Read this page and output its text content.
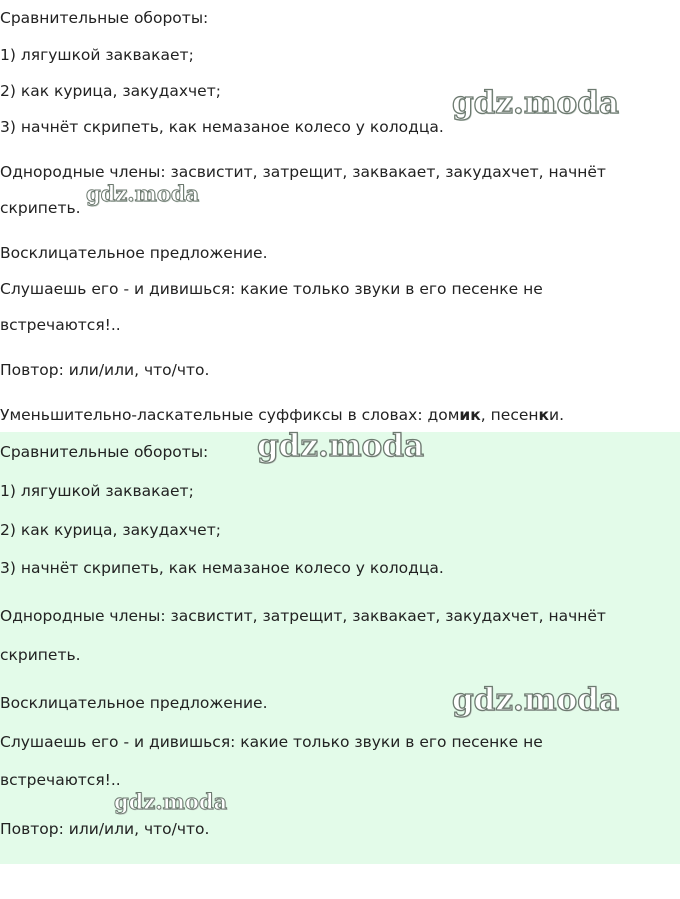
Сравнительные обороты:

1) лягушкой заквакает;

2) как курица, закудахчет;

3) начнёт скрипеть, как немазаное колесо у колодца.

Однородные члены: засвистит, затрещит, заквакает, закудахчет, начнёт

скрипеть.

Восклицательное предложение.

Слушаешь его - и дивишься: какие только звуки в его песенке не

встречаются!..

Повтор: или/или, что/что.

Уменьшительно-ласкательные суффиксы в словах: домик, песенки.

Сравнительные обороты:

1) лягушкой заквакает;

2) как курица, закудахчет;

3) начнёт скрипеть, как немазаное колесо у колодца.

Однородные члены: засвистит, затрещит, заквакает, закудахчет, начнёт

скрипеть.

Восклицательное предложение.

Слушаешь его - и дивишься: какие только звуки в его песенке не

встречаются!..

Повтор: или/или, что/что.

gdz.moda
gdz.moda
gdz.moda
gdz.moda
gdz.moda
